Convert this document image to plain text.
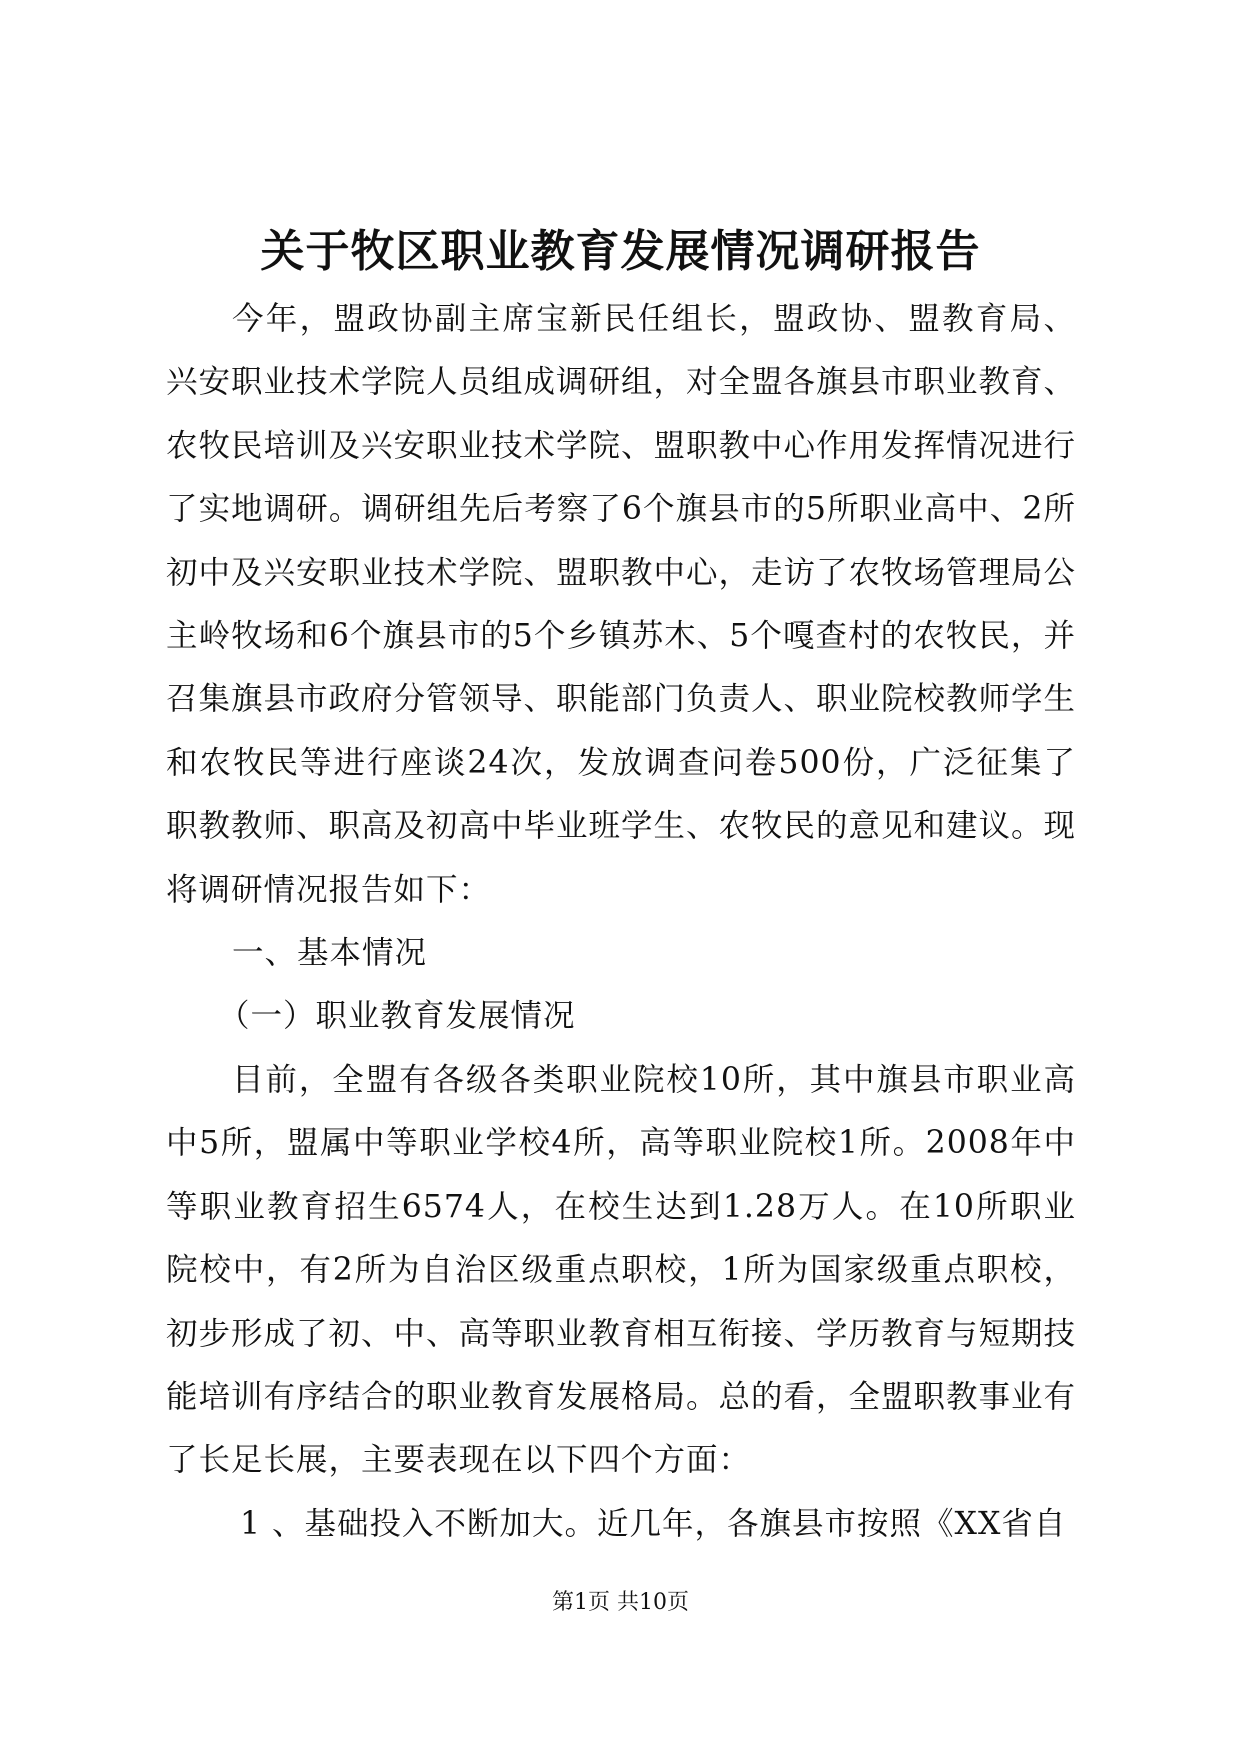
关于牧区职业教育发展情况调研报告

今年，盟政协副主席宝新民任组长，盟政协、盟教育局、兴安职业技术学院人员组成调研组，对全盟各旗县市职业教育、农牧民培训及兴安职业技术学院、盟职教中心作用发挥情况进行了实地调研。调研组先后考察了6个旗县市的5所职业高中、2所初中及兴安职业技术学院、盟职教中心，走访了农牧场管理局公主岭牧场和6个旗县市的5个乡镇苏木、5个嘎查村的农牧民，并召集旗县市政府分管领导、职能部门负责人、职业院校教师学生和农牧民等进行座谈24次，发放调查问卷500份，广泛征集了职教教师、职高及初高中毕业班学生、农牧民的意见和建议。现将调研情况报告如下：

一、基本情况

（一）职业教育发展情况

目前，全盟有各级各类职业院校10所，其中旗县市职业高中5所，盟属中等职业学校4所，高等职业院校1所。2008年中等职业教育招生6574人，在校生达到1.28万人。在10所职业院校中，有2所为自治区级重点职校，1所为国家级重点职校，初步形成了初、中、高等职业教育相互衔接、学历教育与短期技能培训有序结合的职业教育发展格局。总的看，全盟职教事业有了长足长展，主要表现在以下四个方面：

1 、基础投入不断加大。近几年，各旗县市按照《XX省自

第1页 共10页
